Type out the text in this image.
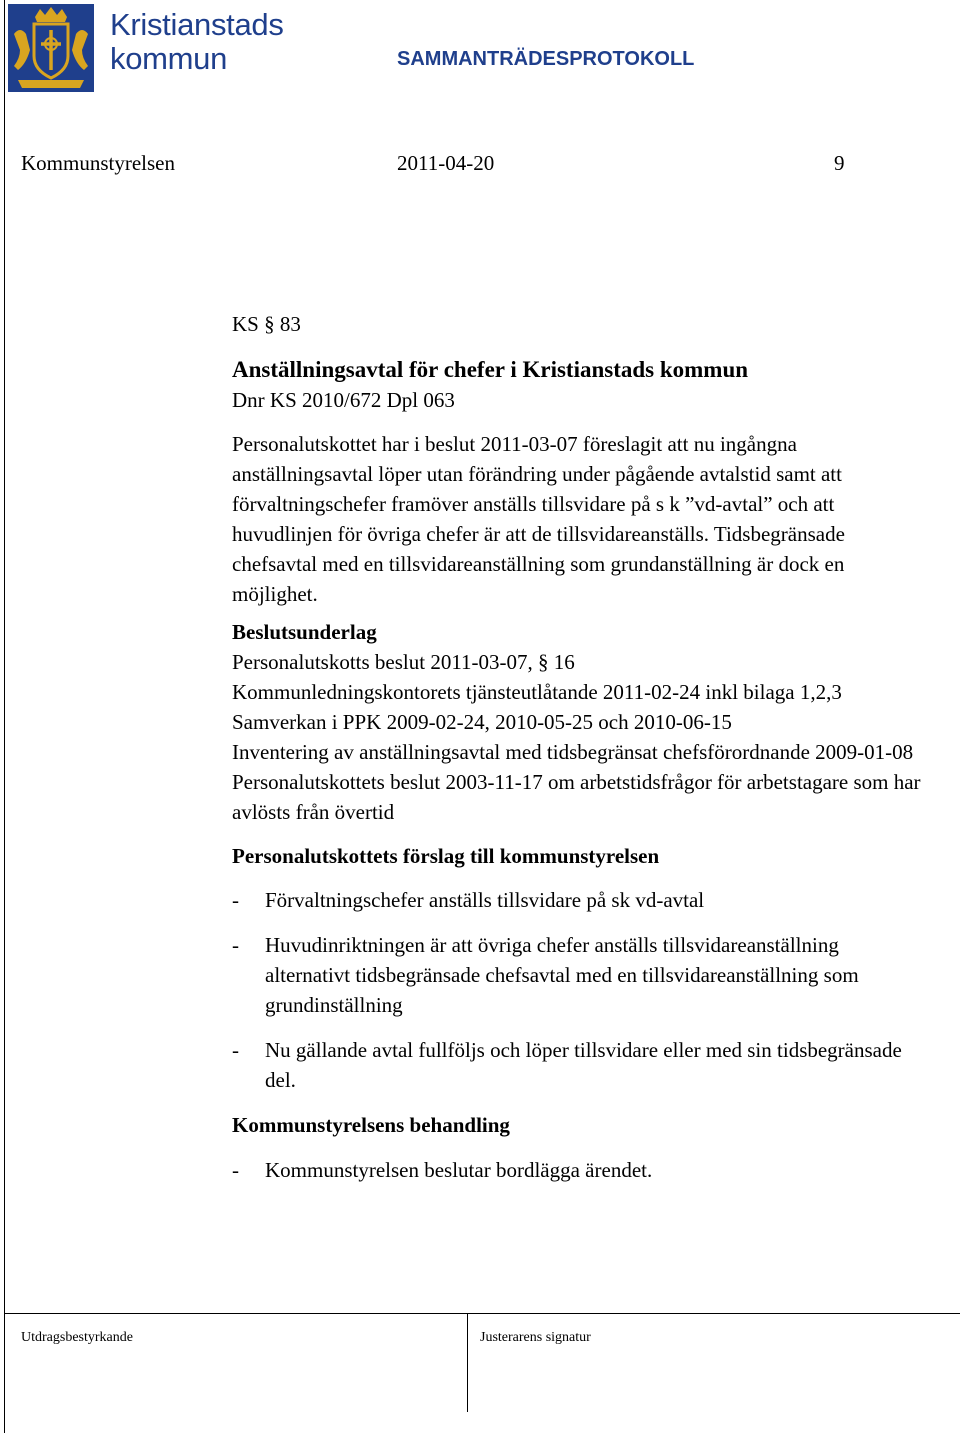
Kristianstads
kommun	SAMMANTRÄDESPROTOKOLL
Kommunstyrelsen	2011-04-20	9

KS § 83

Anställningsavtal för chefer i Kristianstads kommun

Dnr KS 2010/672 Dpl 063

Personalutskottet har i beslut 2011-03-07 föreslagit att nu ingångna anställningsavtal löper utan förändring under pågående avtalstid samt att förvaltningschefer framöver anställs tillsvidare på s k ”vd-avtal” och att huvudlinjen för övriga chefer är att de tillsvidareanställs. Tidsbegränsade chefsavtal med en tillsvidareanställning som grundanställning är dock en möjlighet.

Beslutsunderlag

Personalutskotts beslut 2011-03-07, § 16

Kommunledningskontorets tjänsteutlåtande 2011-02-24 inkl bilaga 1,2,3

Samverkan i PPK 2009-02-24, 2010-05-25 och 2010-06-15

Inventering av anställningsavtal med tidsbegränsat chefsförordnande 2009-01-08

Personalutskottets beslut 2003-11-17 om arbetstidsfrågor för arbetstagare som har avlösts från övertid

Personalutskottets förslag till kommunstyrelsen

- Förvaltningschefer anställs tillsvidare på sk vd-avtal
- Huvudinriktningen är att övriga chefer anställs tillsvidareanställning alternativt tidsbegränsade chefsavtal med en tillsvidareanställning som grundinställning
- Nu gällande avtal fullföljs och löper tillsvidare eller med sin tidsbegränsade del.

Kommunstyrelsens behandling

- Kommunstyrelsen beslutar bordlägga ärendet.
Utdragsbestyrkande	Justerarens signatur
